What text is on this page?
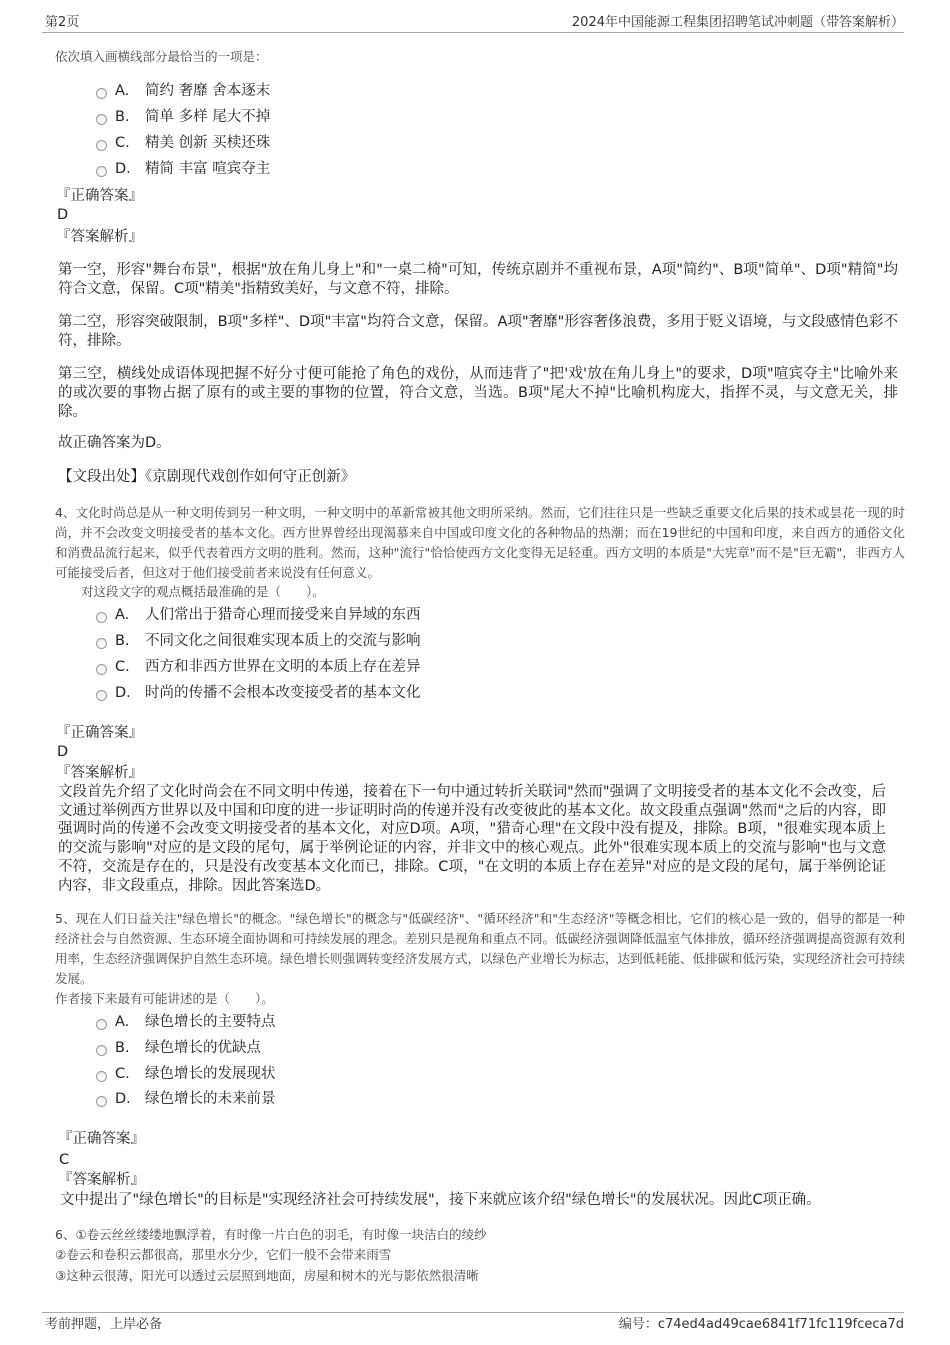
第2页	2024年中国能源工程集团招聘笔试冲刺题（带答案解析）
依次填入画横线部分最恰当的一项是：
A.	简约 奢靡 舍本逐末
B.	简单 多样 尾大不掉
C.	精美 创新 买椟还珠
D. 精简 丰富 喧宾夺主
『正确答案』
D
『答案解析』
第一空，形容"舞台布景"，根据"放在角儿身上"和"一桌二椅"可知，传统京剧并不重视布景，A项"简约"、B项"简单"、D项"精简"均符合文意，保留。C项"精美"指精致美好，与文意不符，排除。
第二空，形容突破限制，B项"多样"、D项"丰富"均符合文意，保留。A项"奢靡"形容奢侈浪费，多用于贬义语境，与文段感情色彩不符，排除。
第三空，横线处成语体现把握不好分寸便可能抢了角色的戏份，从而违背了"把'戏'放在角儿身上"的要求，D项"喧宾夺主"比喻外来的或次要的事物占据了原有的或主要的事物的位置，符合文意，当选。B项"尾大不掉"比喻机构庞大，指挥不灵，与文意无关，排除。
故正确答案为D。
【文段出处】《京剧现代戏创作如何守正创新》
4、文化时尚总是从一种文明传到另一种文明，一种文明中的革新常被其他文明所采纳。然而，它们往往只是一些缺乏重要文化后果的技术或昙花一现的时尚，并不会改变文明接受者的基本文化。西方世界曾经出现渴慕来自中国或印度文化的各种物品的热潮；而在19世纪的中国和印度，来自西方的通俗文化和消费品流行起来，似乎代表着西方文明的胜利。然而，这种"流行"恰恰使西方文化变得无足轻重。西方文明的本质是"大宪章"而不是"巨无霸"，非西方人可能接受后者，但这对于他们接受前者来说没有任何意义。
对这段文字的观点概括最准确的是（　　）。
A.	人们常出于猎奇心理而接受来自异域的东西
B.	不同文化之间很难实现本质上的交流与影响
C.	西方和非西方世界在文明的本质上存在差异
D. 时尚的传播不会根本改变接受者的基本文化
『正确答案』
D
『答案解析』
文段首先介绍了文化时尚会在不同文明中传递，接着在下一句中通过转折关联词"然而"强调了文明接受者的基本文化不会改变，后文通过举例西方世界以及中国和印度的进一步证明时尚的传递并没有改变彼此的基本文化。故文段重点强调"然而"之后的内容，即强调时尚的传递不会改变文明接受者的基本文化，对应D项。A项，"猎奇心理"在文段中没有提及，排除。B项，"很难实现本质上的交流与影响"对应的是文段的尾句，属于举例论证的内容，并非文中的核心观点。此外"很难实现本质上的交流与影响"也与文意不符，交流是存在的，只是没有改变基本文化而已，排除。C项，"在文明的本质上存在差异"对应的是文段的尾句，属于举例论证内容，非文段重点，排除。因此答案选D。
5、现在人们日益关注"绿色增长"的概念。"绿色增长"的概念与"低碳经济"、"循环经济"和"生态经济"等概念相比，它们的核心是一致的，倡导的都是一种经济社会与自然资源、生态环境全面协调和可持续发展的理念。差别只是视角和重点不同。低碳经济强调降低温室气体排放，循环经济强调提高资源有效利用率，生态经济强调保护自然生态环境。绿色增长则强调转变经济发展方式，以绿色产业增长为标志，达到低耗能、低排碳和低污染，实现经济社会可持续发展。
作者接下来最有可能讲述的是（　　）。
A.	绿色增长的主要特点
B.	绿色增长的优缺点
C.	绿色增长的发展现状
D. 绿色增长的未来前景
『正确答案』
C
『答案解析』
文中提出了"绿色增长"的目标是"实现经济社会可持续发展"，接下来就应该介绍"绿色增长"的发展状况。因此C项正确。
6、①卷云丝丝缕缕地飘浮着，有时像一片白色的羽毛，有时像一块洁白的绫纱
②卷云和卷积云都很高，那里水分少，它们一般不会带来雨雪
③这种云很薄，阳光可以透过云层照到地面，房屋和树木的光与影依然很清晰
考前押题，上岸必备	编号：c74ed4ad49cae6841f71fc119fceca7d
